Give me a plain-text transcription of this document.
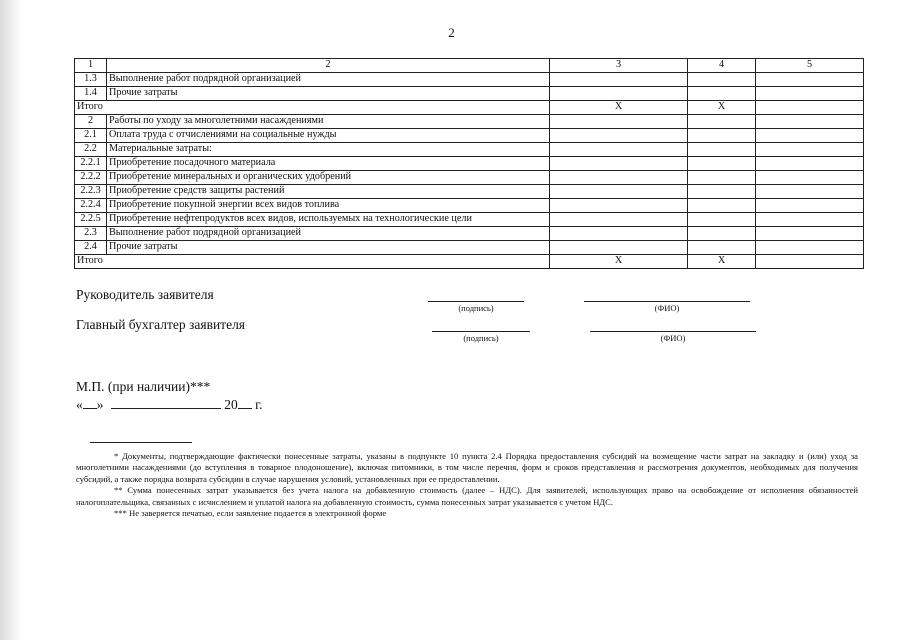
2
1	2	3	4	5
1.3	Выполнение работ подрядной организацией			
1.4	Прочие затраты			
Итого		X	X	
2	Работы по уходу за многолетними насаждениями			
2.1	Оплата труда с отчислениями на социальные нужды			
2.2	Материальные затраты:			
2.2.1	Приобретение посадочного материала			
2.2.2	Приобретение минеральных и органических удобрений			
2.2.3	Приобретение средств защиты растений			
2.2.4	Приобретение покупной энергии всех видов топлива			
2.2.5	Приобретение нефтепродуктов всех видов, используемых на технологические цели			
2.3	Выполнение работ подрядной организацией			
2.4	Прочие затраты			
Итого		X	X	
Руководитель заявителя
(подпись)	(ФИО)
Главный бухгалтер заявителя
(подпись)	(ФИО)
М.П. (при наличии)***
« »	20 г.

* Документы, подтверждающие фактически понесенные затраты, указаны в подпункте 10 пункта 2.4 Порядка предоставления субсидий на возмещение части затрат на закладку и (или) уход за многолетними насаждениями (до вступления в товарное плодоношение), включая питомники, в том числе перечня, форм и сроков представления и рассмотрения документов, необходимых для получения субсидий, а также порядка возврата субсидии в случае нарушения условий, установленных при ее предоставлении.

** Сумма понесенных затрат указывается без учета налога на добавленную стоимость (далее – НДС). Для заявителей, использующих право на освобождение от исполнения обязанностей налогоплательщика, связанных с исчислением и уплатой налога на добавленную стоимость, сумма понесенных затрат указывается с учетом НДС.

*** Не заверяется печатью, если заявление подается в электронной форме
